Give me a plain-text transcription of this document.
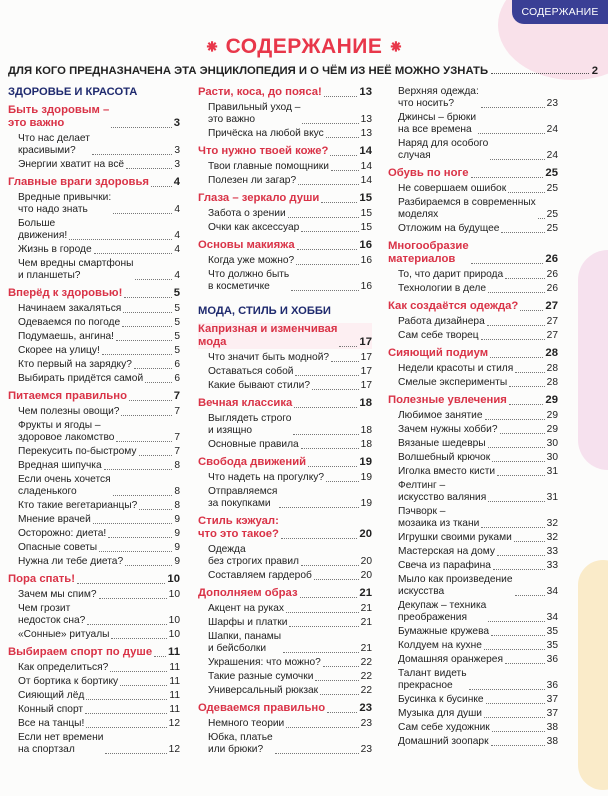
СОДЕРЖАНИЕ
⁕ СОДЕРЖАНИЕ ⁕
ДЛЯ КОГО ПРЕДНАЗНАЧЕНА ЭТА ЭНЦИКЛОПЕДИЯ И О ЧЁМ ИЗ НЕЁ МОЖНО УЗНАТЬ	2
ЗДОРОВЬЕ И КРАСОТА
Быть здоровым –
это важно	3
Что нас делает
красивыми?	3
Энергии хватит на всё	3
Главные враги здоровья 4
Вредные привычки:
что надо знать	4
Больше
движения!	4
Жизнь в городе	4
Чем вредны смартфоны
и планшеты?	4
Вперёд к здоровью!	5
Начинаем закаляться	5
Одеваемся по погоде	5
Подумаешь, ангина!	5
Скорее на улицу!	5
Кто первый на зарядку?	6
Выбирать придётся самой	6
Питаемся правильно	7
Чем полезны овощи?	7
Фрукты и ягоды –
здоровое лакомство	7
Перекусить по-быстрому	7
Вредная шипучка	8
Если очень хочется
сладенького	8
Кто такие вегетарианцы?	8
Мнение врачей	9
Осторожно: диета!	9
Опасные советы	9
Нужна ли тебе диета?	9
Пора спать!	10
Зачем мы спим?	10
Чем грозит
недосток сна?	10
«Сонные» ритуалы	10
Выбираем спорт по душе 11
Как определиться?	11
От бортика к бортику	11
Сияющий лёд	11
Конный спорт	11
Все на танцы!	12
Если нет времени
на спортзал	12
Расти, коса, до пояса!	13
Правильный уход –
это важно	13
Причёска на любой вкус	13
Что нужно твоей коже?	14
Твои главные помощники	14
Полезен ли загар?	14
Глаза – зеркало души	15
Забота о зрении	15
Очки как аксессуар	15
Основы макияжа	16
Когда уже можно?	16
Что должно быть
в косметичке	16
МОДА, СТИЛЬ И ХОББИ
Капризная и изменчивая
мода	17
Что значит быть модной?	17
Оставаться собой	17
Какие бывают стили?	17
Вечная классика	18
Выглядеть строго
и изящно	18
Основные правила	18
Свобода движений	19
Что надеть на прогулку?	19
Отправляемся
за покупками	19
Стиль кэжуал:
что это такое?	20
Одежда
без строгих правил	20
Составляем гардероб	20
Дополняем образ	21
Акцент на руках	21
Шарфы и платки	21
Шапки, панамы
и бейсболки	21
Украшения: что можно?	22
Такие разные сумочки	22
Универсальный рюкзак	22
Одеваемся правильно	23
Немного теории	23
Юбка, платье
или брюки?	23
Верхняя одежда:
что носить?	23
Джинсы – брюки
на все времена	24
Наряд для особого
случая	24
Обувь по ноге	25
Не совершаем ошибок	25
Разбираемся в современных
моделях	25
Отложим на будущее	25
Многообразие
материалов	26
То, что дарит природа	26
Технологии в деле	26
Как создаётся одежда? 27
Работа дизайнера	27
Сам себе творец	27
Сияющий подиум	28
Недели красоты и стиля	28
Смелые эксперименты	28
Полезные увлечения	29
Любимое занятие	29
Зачем нужны хобби?	29
Вязаные шедевры	30
Волшебный крючок	30
Иголка вместо кисти	31
Фелтинг –
искусство валяния	31
Пэчворк –
мозаика из ткани	32
Игрушки своими руками	32
Мастерская на дому	33
Свеча из парафина	33
Мыло как произведение
искусства	34
Декупаж – техника
преображения	34
Бумажные кружева	35
Колдуем на кухне	35
Домашняя оранжерея	36
Талант видеть
прекрасное	36
Бусинка к бусинке	37
Музыка для души	37
Сам себе художник	38
Домашний зоопарк	38
